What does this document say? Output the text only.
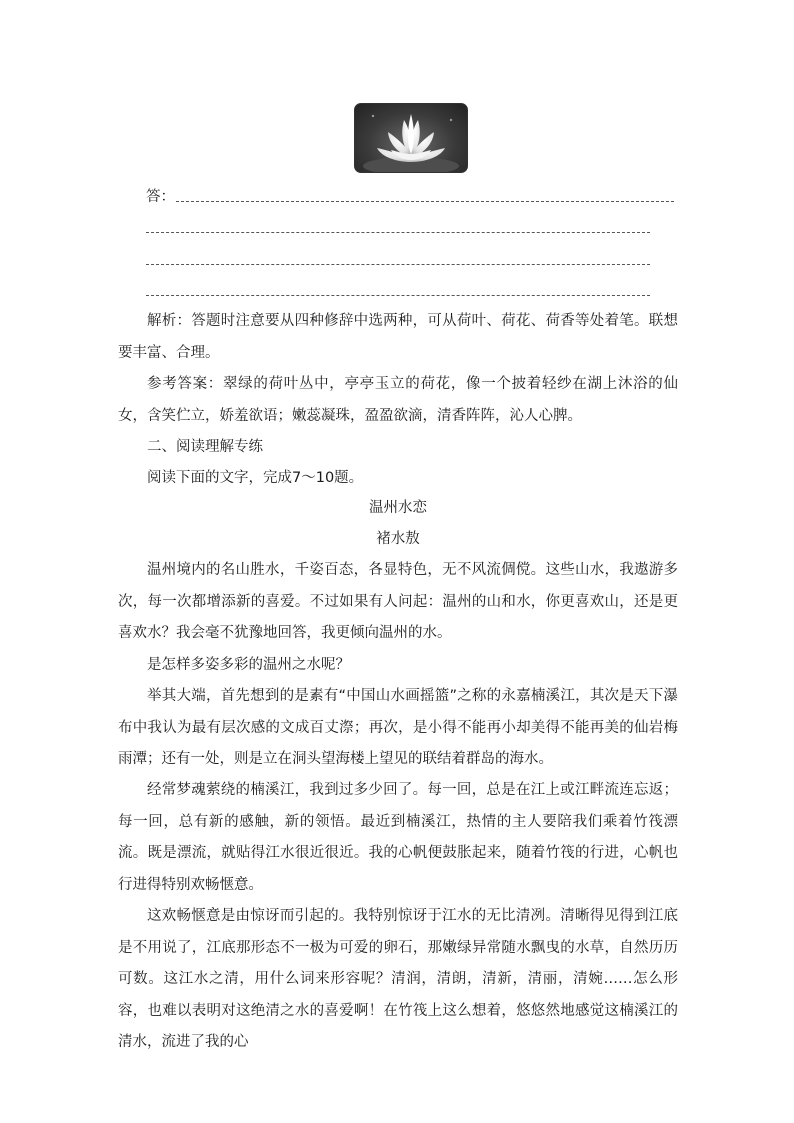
答：

解析：答题时注意要从四种修辞中选两种，可从荷叶、荷花、荷香等处着笔。联想要丰富、合理。

参考答案：翠绿的荷叶丛中，亭亭玉立的荷花，像一个披着轻纱在湖上沐浴的仙女，含笑伫立，娇羞欲语；嫩蕊凝珠，盈盈欲滴，清香阵阵，沁人心脾。

二、阅读理解专练

阅读下面的文字，完成7～10题。

温州水恋
褚水敖

温州境内的名山胜水，千姿百态，各显特色，无不风流倜傥。这些山水，我遨游多次，每一次都增添新的喜爱。不过如果有人问起：温州的山和水，你更喜欢山，还是更喜欢水？我会毫不犹豫地回答，我更倾向温州的水。

是怎样多姿多彩的温州之水呢？

举其大端，首先想到的是素有“中国山水画摇篮”之称的永嘉楠溪江，其次是天下瀑布中我认为最有层次感的文成百丈漈；再次，是小得不能再小却美得不能再美的仙岩梅雨潭；还有一处，则是立在洞头望海楼上望见的联结着群岛的海水。

经常梦魂萦绕的楠溪江，我到过多少回了。每一回，总是在江上或江畔流连忘返；每一回，总有新的感触，新的领悟。最近到楠溪江，热情的主人要陪我们乘着竹筏漂流。既是漂流，就贴得江水很近很近。我的心帆便鼓胀起来，随着竹筏的行进，心帆也行进得特别欢畅惬意。

这欢畅惬意是由惊讶而引起的。我特别惊讶于江水的无比清冽。清晰得见得到江底是不用说了，江底那形态不一极为可爱的卵石，那嫩绿异常随水飘曳的水草，自然历历可数。这江水之清，用什么词来形容呢？清润，清朗，清新，清丽，清婉……怎么形容，也难以表明对这绝清之水的喜爱啊！在竹筏上这么想着，悠悠然地感觉这楠溪江的清水，流进了我的心
